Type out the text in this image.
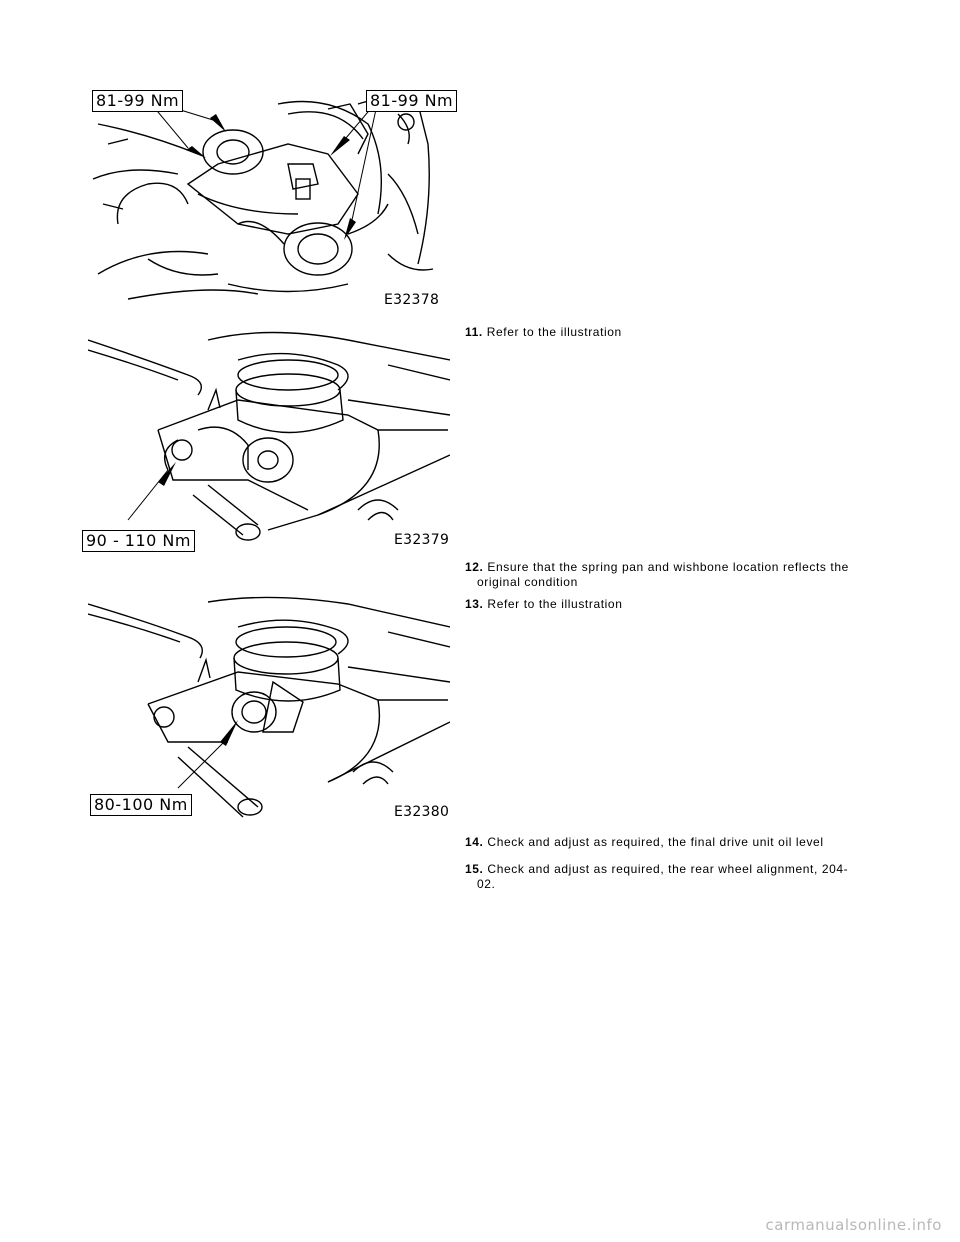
81-99 Nm	81-99 Nm
E32378
90 - 110 Nm	E32379
80-100 Nm	E32380
11. Refer to the illustration
12. Ensure that the spring pan and wishbone location reflects the
original condition
13. Refer to the illustration
14. Check and adjust as required, the final drive unit oil level
15. Check and adjust as required, the rear wheel alignment, 204-
02.
carmanualsonline.info
